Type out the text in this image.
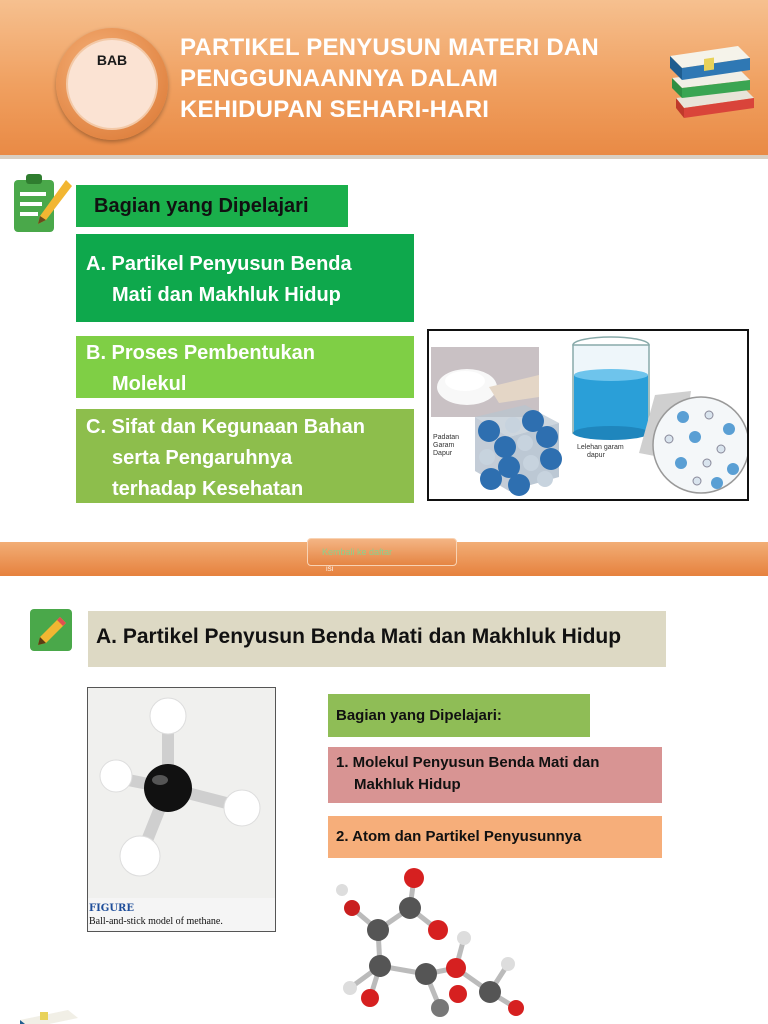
BAB	PARTIKEL PENYUSUN MATERI DAN
PENGGUNAANNYA DALAM
KEHIDUPAN SEHARI-HARI
Bagian yang Dipelajari
A. Partikel Penyusun Benda
Mati dan Makhluk Hidup
B. Proses Pembentukan
Molekul
C. Sifat dan Kegunaan Bahan
serta Pengaruhnya
terhadap Kesehatan
Padatan
Garam
Dapur
Lelehan garam
dapur
Kembali ke daftar
ISI
A. Partikel Penyusun Benda Mati dan Makhluk Hidup
FIGURE
Ball-and-stick model of methane.
Bagian yang Dipelajari:
1. Molekul Penyusun Benda Mati dan
Makhluk Hidup
2. Atom dan Partikel Penyusunnya
